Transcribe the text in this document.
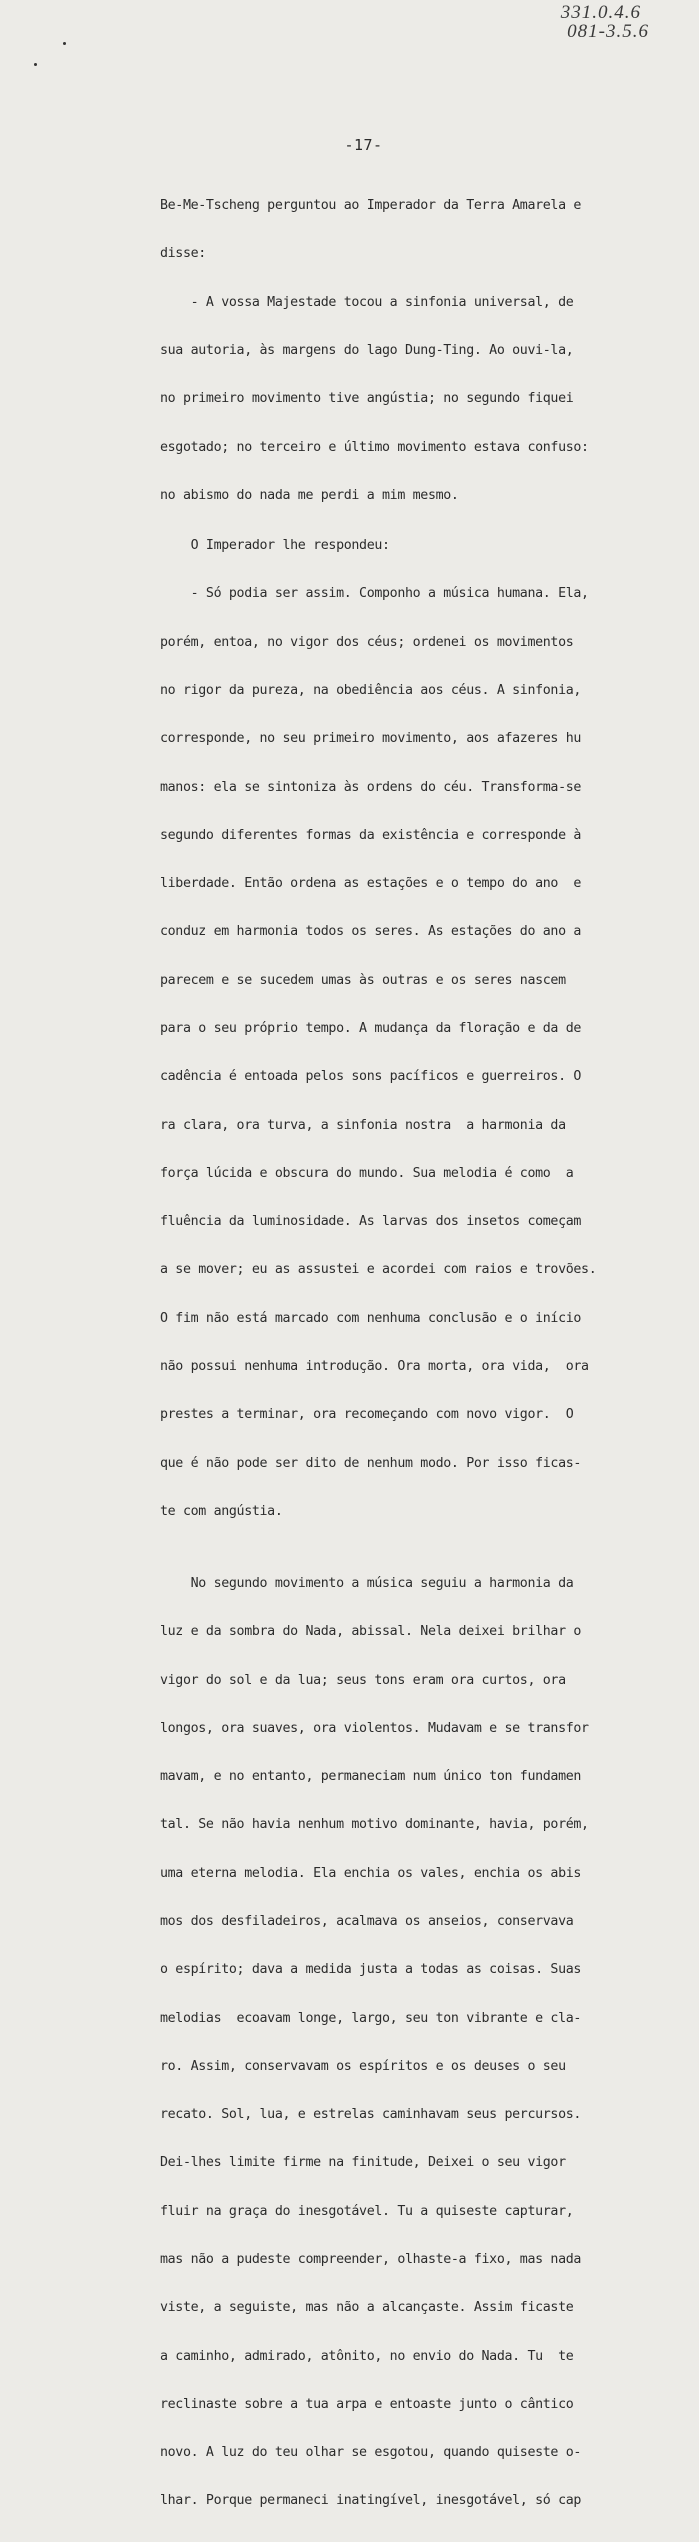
331.0.4.6
081-3.5.6
-17-

Be-Me-Tscheng perguntou ao Imperador da Terra Amarela e

disse:

- A vossa Majestade tocou a sinfonia universal, de

sua autoria, às margens do lago Dung-Ting. Ao ouvi-la,

no primeiro movimento tive angústia; no segundo fiquei

esgotado; no terceiro e último movimento estava confuso:

no abismo do nada me perdi a mim mesmo.

O Imperador lhe respondeu:

- Só podia ser assim. Componho a música humana. Ela,

porém, entoa, no vigor dos céus; ordenei os movimentos

no rigor da pureza, na obediência aos céus. A sinfonia,

corresponde, no seu primeiro movimento, aos afazeres hu

manos: ela se sintoniza às ordens do céu. Transforma-se

segundo diferentes formas da existência e corresponde à

liberdade. Então ordena as estações e o tempo do ano  e

conduz em harmonia todos os seres. As estações do ano a

parecem e se sucedem umas às outras e os seres nascem

para o seu próprio tempo. A mudança da floração e da de

cadência é entoada pelos sons pacíficos e guerreiros. O

ra clara, ora turva, a sinfonia nostra  a harmonia da

força lúcida e obscura do mundo. Sua melodia é como  a

fluência da luminosidade. As larvas dos insetos começam

a se mover; eu as assustei e acordei com raios e trovões.

O fim não está marcado com nenhuma conclusão e o início

não possui nenhuma introdução. Ora morta, ora vida,  ora

prestes a terminar, ora recomeçando com novo vigor.  O

que é não pode ser dito de nenhum modo. Por isso ficas-

te com angústia.

No segundo movimento a música seguiu a harmonia da

luz e da sombra do Nada, abissal. Nela deixei brilhar o

vigor do sol e da lua; seus tons eram ora curtos, ora

longos, ora suaves, ora violentos. Mudavam e se transfor

mavam, e no entanto, permaneciam num único ton fundamen

tal. Se não havia nenhum motivo dominante, havia, porém,

uma eterna melodia. Ela enchia os vales, enchia os abis

mos dos desfiladeiros, acalmava os anseios, conservava

o espírito; dava a medida justa a todas as coisas. Suas

melodias  ecoavam longe, largo, seu ton vibrante e cla-

ro. Assim, conservavam os espíritos e os deuses o seu

recato. Sol, lua, e estrelas caminhavam seus percursos.

Dei-lhes limite firme na finitude, Deixei o seu vigor

fluir na graça do inesgotável. Tu a quiseste capturar,

mas não a pudeste compreender, olhaste-a fixo, mas nada

viste, a seguiste, mas não a alcançaste. Assim ficaste

a caminho, admirado, atônito, no envio do Nada. Tu  te

reclinaste sobre a tua arpa e entoaste junto o cântico

novo. A luz do teu olhar se esgotou, quando quiseste o-

lhar. Porque permaneci inatingível, inesgotável, só cap
